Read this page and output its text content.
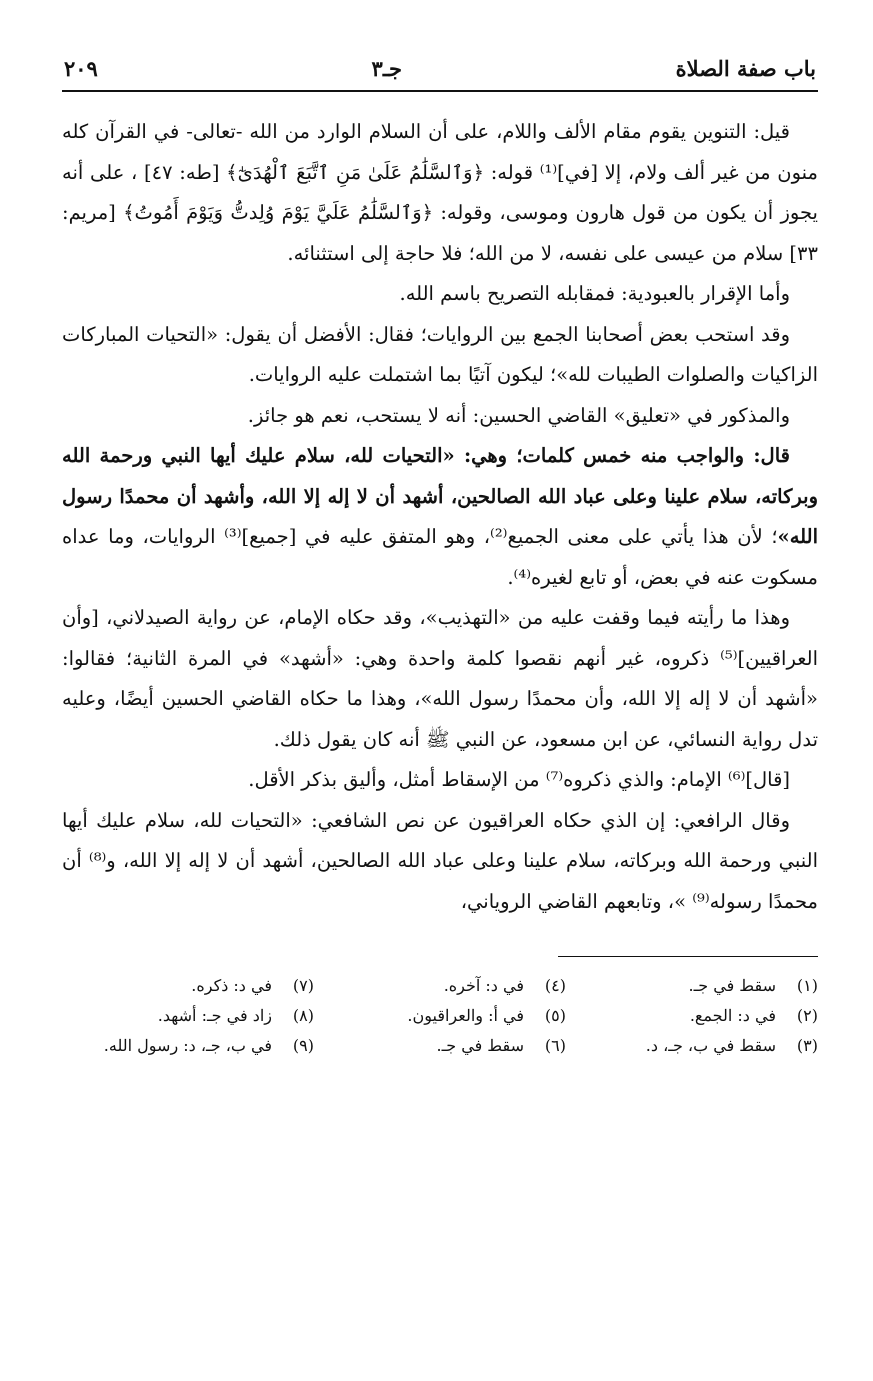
باب صفة الصلاة
جـ٣
٢٠٩

قيل: التنوين يقوم مقام الألف واللام، على أن السلام الوارد من الله -تعالى- في القرآن كله منون من غير ألف ولام، إلا [في]⁽¹⁾ قوله: ﴿وَٱلسَّلَٰمُ عَلَىٰ مَنِ ٱتَّبَعَ ٱلْهُدَىٰٓ﴾ [طه: ٤٧] ، على أنه يجوز أن يكون من قول هارون وموسى، وقوله: ﴿وَٱلسَّلَٰمُ عَلَيَّ يَوْمَ وُلِدتُّ وَيَوْمَ أَمُوتُ﴾ [مريم: ٣٣] سلام من عيسى على نفسه، لا من الله؛ فلا حاجة إلى استثنائه.

وأما الإقرار بالعبودية: فمقابله التصريح باسم الله.

وقد استحب بعض أصحابنا الجمع بين الروايات؛ فقال: الأفضل أن يقول: «التحيات المباركات الزاكيات والصلوات الطيبات لله»؛ ليكون آتيًا بما اشتملت عليه الروايات.

والمذكور في «تعليق» القاضي الحسين: أنه لا يستحب، نعم هو جائز.

قال: والواجب منه خمس كلمات؛ وهي: «التحيات لله، سلام عليك أيها النبي ورحمة الله وبركاته، سلام علينا وعلى عباد الله الصالحين، أشهد أن لا إله إلا الله، وأشهد أن محمدًا رسول الله»؛ لأن هذا يأتي على معنى الجميع⁽²⁾، وهو المتفق عليه في [جميع]⁽³⁾ الروايات، وما عداه مسكوت عنه في بعض، أو تابع لغيره⁽⁴⁾.

وهذا ما رأيته فيما وقفت عليه من «التهذيب»، وقد حكاه الإمام، عن رواية الصيدلاني، [وأن العراقيين]⁽⁵⁾ ذكروه، غير أنهم نقصوا كلمة واحدة وهي: «أشهد» في المرة الثانية؛ فقالوا: «أشهد أن لا إله إلا الله، وأن محمدًا رسول الله»، وهذا ما حكاه القاضي الحسين أيضًا، وعليه تدل رواية النسائي، عن ابن مسعود، عن النبي ﷺ أنه كان يقول ذلك.

[قال]⁽⁶⁾ الإمام: والذي ذكروه⁽⁷⁾ من الإسقاط أمثل، وأليق بذكر الأقل.

وقال الرافعي: إن الذي حكاه العراقيون عن نص الشافعي: «التحيات لله، سلام عليك أيها النبي ورحمة الله وبركاته، سلام علينا وعلى عباد الله الصالحين، أشهد أن لا إله إلا الله، و⁽⁸⁾ أن محمدًا رسوله⁽⁹⁾ »، وتابعهم القاضي الروياني،

(١)سقط في جـ.
(٤)في د: آخره.
(٧)في د: ذكره.
(٢)في د: الجمع.
(٥)في أ: والعراقيون.
(٨)زاد في جـ: أشهد.
(٣)سقط في ب، جـ، د.
(٦)سقط في جـ.
(٩)في ب، جـ، د: رسول الله.
